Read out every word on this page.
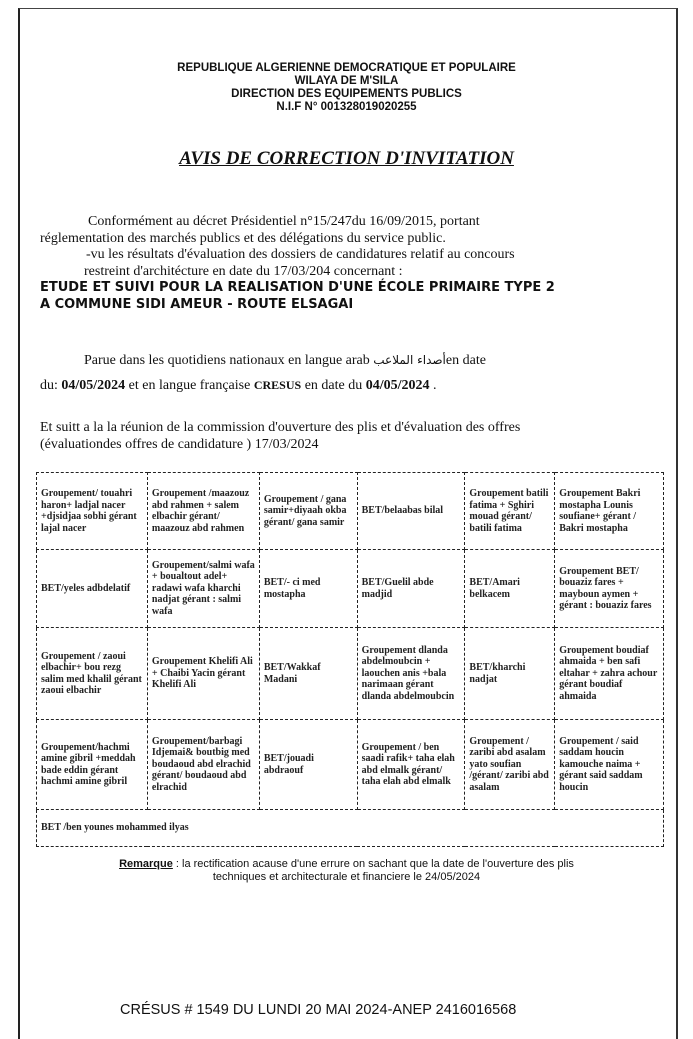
REPUBLIQUE ALGERIENNE DEMOCRATIQUE ET POPULAIRE
WILAYA DE M'SILA
DIRECTION DES EQUIPEMENTS PUBLICS
N.I.F N° 001328019020255
AVIS DE CORRECTION D'INVITATION
Conformément au décret Présidentiel n°15/247du 16/09/2015, portant
réglementation des marchés publics et des délégations du service public.
-vu les résultats d'évaluation des dossiers de candidatures relatif au concours
restreint d'architécture en date du 17/03/204 concernant :
ETUDE ET SUIVI POUR LA REALISATION D'UNE ÉCOLE PRIMAIRE TYPE 2
A COMMUNE SIDI AMEUR - ROUTE ELSAGAI
Parue dans les quotidiens nationaux en langue arab أصداء الملاعبen date
du: 04/05/2024 et en langue française CRESUS en date du 04/05/2024 .
Et suitt a la la réunion de la commission d'ouverture des plis et d'évaluation des offres
(évaluationdes offres de candidature ) 17/03/2024
Groupement/ touahri haron+ ladjal nacer +djsidjaa sobhi gérant lajal nacer	Groupement /maazouz abd rahmen + salem elbachir gérant/ maazouz abd rahmen	Groupement / gana samir+diyaah okba gérant/ gana samir	BET/belaabas bilal	Groupement batili fatima + Sghiri mouad gérant/ batili fatima	Groupement Bakri mostapha Lounis soufiane+ gérant / Bakri mostapha
BET/yeles adbdelatif	Groupement/salmi wafa + boualtout adel+ radawi wafa kharchi nadjat gérant : salmi wafa	BET/- ci med mostapha	BET/Guelil abde madjid	BET/Amari belkacem	Groupement BET/ bouaziz fares + mayboun aymen + gérant : bouaziz fares
Groupement / zaoui elbachir+ bou rezg salim med khalil gérant zaoui elbachir	Groupement Khelifi Ali + Chaibi Yacin gérant Khelifi Ali	BET/Wakkaf Madani	Groupement dlanda abdelmoubcin + laouchen anis +bala narimaan gérant dlanda abdelmoubcin	BET/kharchi nadjat	Groupement boudiaf ahmaida + ben safi eltahar + zahra achour gérant boudiaf ahmaida
Groupement/hachmi amine gibril +meddah bade eddin gérant hachmi amine gibril	Groupement/barbagi Idjemai& boutbig med boudaoud abd elrachid gérant/ boudaoud abd elrachid	BET/jouadi abdraouf	Groupement / ben saadi rafik+ taha elah abd elmalk gérant/ taha elah abd elmalk	Groupement / zaribi abd asalam yato soufian /gérant/ zaribi abd asalam	Groupement / said saddam houcin kamouche naima + gérant said saddam houcin
BET /ben younes mohammed ilyas					
Remarque : la rectification acause d'une errure on sachant que la date de l'ouverture des plis
techniques et architecturale et financiere le 24/05/2024
CRÉSUS # 1549 DU LUNDI 20 MAI 2024-ANEP 2416016568
